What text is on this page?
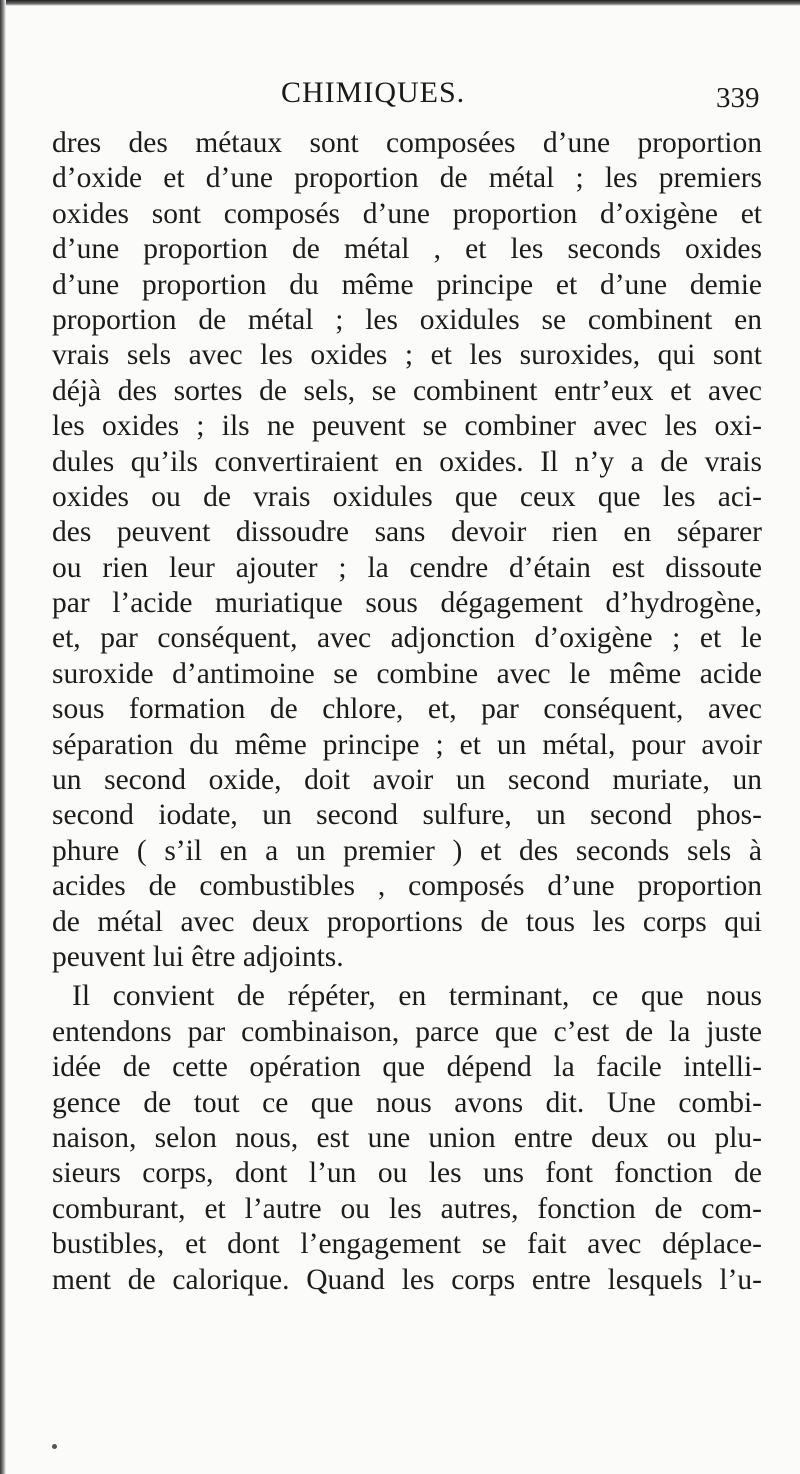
CHIMIQUES.	339
dres des métaux sont composées d’une proportion
d’oxide et d’une proportion de métal ; les premiers
oxides sont composés d’une proportion d’oxigène et
d’une proportion de métal , et les seconds oxides
d’une proportion du même principe et d’une demie
proportion de métal ; les oxidules se combinent en
vrais sels avec les oxides ; et les suroxides, qui sont
déjà des sortes de sels, se combinent entr’eux et avec
les oxides ; ils ne peuvent se combiner avec les oxi-
dules qu’ils convertiraient en oxides. Il n’y a de vrais
oxides ou de vrais oxidules que ceux que les aci-
des peuvent dissoudre sans devoir rien en séparer
ou rien leur ajouter ; la cendre d’étain est dissoute
par l’acide muriatique sous dégagement d’hydrogène,
et, par conséquent, avec adjonction d’oxigène ; et le
suroxide d’antimoine se combine avec le même acide
sous formation de chlore, et, par conséquent, avec
séparation du même principe ; et un métal, pour avoir
un second oxide, doit avoir un second muriate, un
second iodate, un second sulfure, un second phos-
phure ( s’il en a un premier ) et des seconds sels à
acides de combustibles , composés d’une proportion
de métal avec deux proportions de tous les corps qui
peuvent lui être adjoints.
Il convient de répéter, en terminant, ce que nous
entendons par combinaison, parce que c’est de la juste
idée de cette opération que dépend la facile intelli-
gence de tout ce que nous avons dit. Une combi-
naison, selon nous, est une union entre deux ou plu-
sieurs corps, dont l’un ou les uns font fonction de
comburant, et l’autre ou les autres, fonction de com-
bustibles, et dont l’engagement se fait avec déplace-
ment de calorique. Quand les corps entre lesquels l’u-
